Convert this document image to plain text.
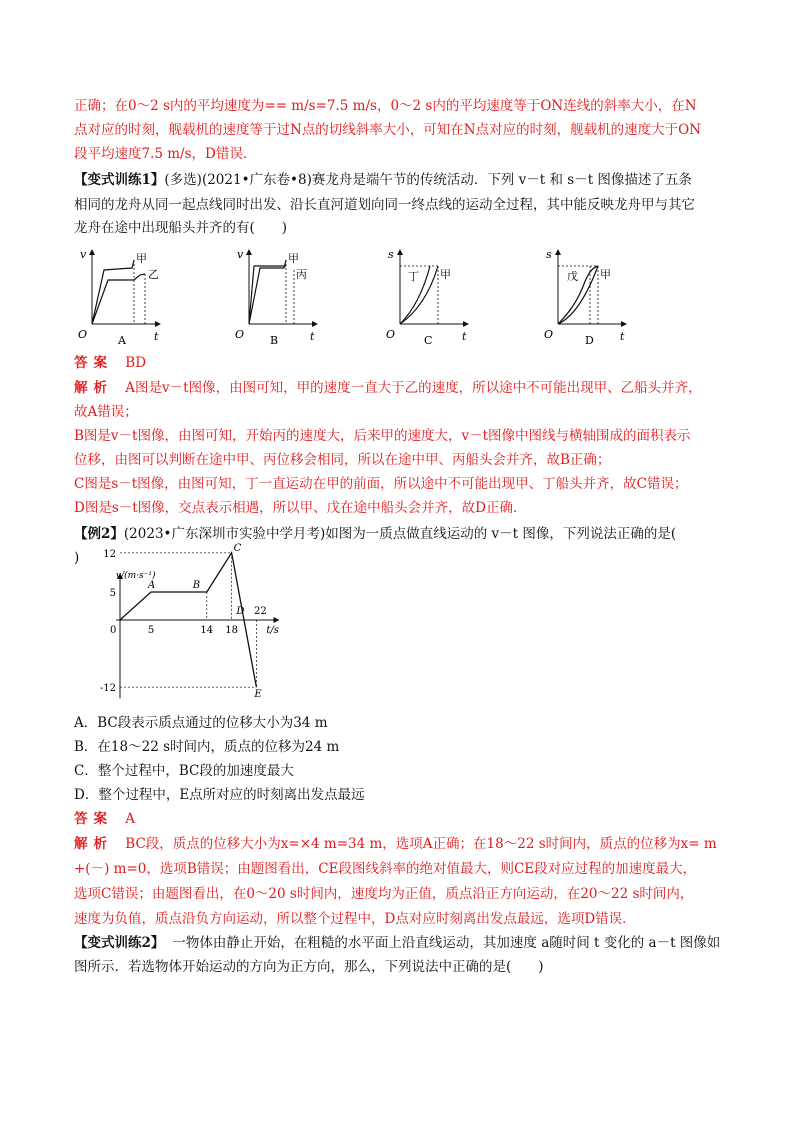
正确；在0～2 s内的平均速度为== m/s=7.5 m/s，0～2 s内的平均速度等于ON连线的斜率大小，在N
点对应的时刻，舰载机的速度等于过N点的切线斜率大小，可知在N点对应的时刻，舰载机的速度大于ON
段平均速度7.5 m/s，D错误．
【变式训练1】(多选)(2021•广东卷•8)赛龙舟是端午节的传统活动．下列 v－t 和 s－t 图像描述了五条
相同的龙舟从同一起点线同时出发、沿长直河道划向同一终点线的运动全过程，其中能反映龙舟甲与其它
龙舟在途中出现船头并齐的有(　　)
v
t
O
甲
乙
A
v
t
O
甲
丙
B
s
t
O
丁 甲
C
s
t
O
戊 甲
D
答案 BD
解析 A图是v－t图像，由图可知，甲的速度一直大于乙的速度，所以途中不可能出现甲、乙船头并齐，
故A错误；
B图是v－t图像，由图可知，开始丙的速度大，后来甲的速度大，v－t图像中图线与横轴围成的面积表示
位移，由图可以判断在途中甲、丙位移会相同，所以在途中甲、丙船头会并齐，故B正确；
C图是s－t图像，由图可知，丁一直运动在甲的前面，所以途中不可能出现甲、丁船头并齐，故C错误；
D图是s－t图像，交点表示相遇，所以甲、戊在途中船头会并齐，故D正确．
【例2】(2023•广东深圳市实验中学月考)如图为一质点做直线运动的 v－t 图像，下列说法正确的是(
) 12
5
-12
5	14 18
22
v/(m·s⁻¹)
t/s
0
A	B
C
D
E
A．BC段表示质点通过的位移大小为34 m
B．在18～22 s时间内，质点的位移为24 m
C．整个过程中，BC段的加速度最大
D．整个过程中，E点所对应的时刻离出发点最远
答案 A
解析 BC段，质点的位移大小为x=×4 m=34 m，选项A正确；在18～22 s时间内，质点的位移为x= m
+(－) m=0，选项B错误；由题图看出，CE段图线斜率的绝对值最大，则CE段对应过程的加速度最大，
选项C错误；由题图看出，在0～20 s时间内，速度均为正值，质点沿正方向运动，在20～22 s时间内，
速度为负值，质点沿负方向运动，所以整个过程中，D点对应时刻离出发点最远，选项D错误．
【变式训练2】 一物体由静止开始，在粗糙的水平面上沿直线运动，其加速度 a随时间 t 变化的 a－t 图像如
图所示．若选物体开始运动的方向为正方向，那么，下列说法中正确的是(　　)
